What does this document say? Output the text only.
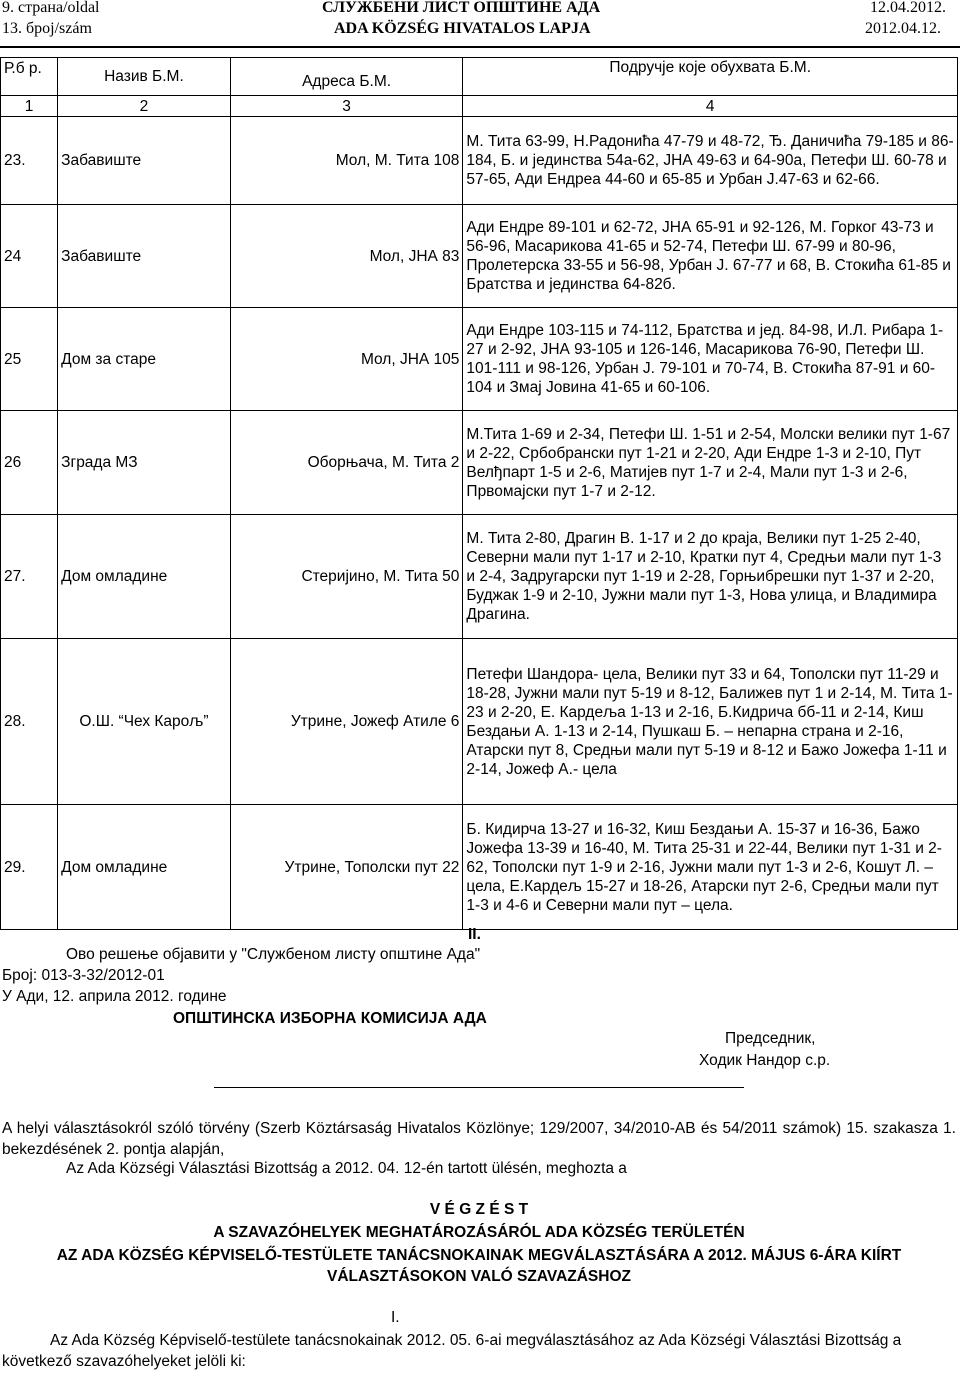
9. страна/oldal
13. број/szám
СЛУЖБЕНИ ЛИСТ ОПШТИНЕ АДА
ADA KÖZSÉG HIVATALOS LAPJA
12.04.2012.
2012.04.12.
Р.б р.	Назив Б.М.	Адреса Б.М.	Подручје које обухвата Б.М.
1	2	3	4
23.	Забавиште	Мол, М. Тита 108	М. Тита 63-99, Н.Радонића 47-79 и 48-72, Ђ. Даничића 79-185 и 86-184, Б. и јединства 54а-62, ЈНА 49-63 и 64-90а, Петефи Ш. 60-78 и 57-65, Ади Ендреа 44-60 и 65-85 и Урбан Ј.47-63 и 62-66.
24	Забавиште	Мол, ЈНА 83	Ади Ендре 89-101 и 62-72, ЈНА 65-91 и 92-126, М. Горког 43-73 и 56-96, Масарикова 41-65 и 52-74, Петефи Ш. 67-99 и 80-96, Пролетерска 33-55 и 56-98, Урбан Ј. 67-77 и 68, В. Стокића 61-85 и Братства и јединства 64-82б.
25	Дом за старе	Мол, ЈНА 105	Ади Ендре 103-115 и 74-112, Братства и јед. 84-98, И.Л. Рибара 1-27 и 2-92, ЈНА 93-105 и 126-146, Масарикова 76-90, Петефи Ш. 101-111 и 98-126, Урбан Ј. 79-101 и 70-74, В. Стокића 87-91 и 60-104 и Змај Јовина 41-65 и 60-106.
26	Зграда МЗ	Оборњача, М. Тита 2	М.Тита 1-69 и 2-34, Петефи Ш. 1-51 и 2-54, Молски велики пут 1-67 и 2-22, Србобрански пут 1-21 и 2-20, Ади Ендре 1-3 и 2-10, Пут Велђпарт 1-5 и 2-6, Матијев пут 1-7 и 2-4, Мали пут 1-3 и 2-6, Првомајски пут 1-7 и 2-12.
27.	Дом омладине	Стеријино, М. Тита 50	М. Тита 2-80, Драгин В. 1-17 и 2 до краја, Велики пут 1-25 2-40, Северни мали пут 1-17 и 2-10, Кратки пут 4, Средњи мали пут 1-3 и 2-4, Задругарски пут 1-19 и 2-28, Горњибрешки пут 1-37 и 2-20, Буджак 1-9 и 2-10, Јужни мали пут 1-3, Нова улица, и Владимира Драгина.
28.	О.Ш. “Чех Карољ”	Утрине, Јожеф Атиле 6	Петефи Шандора- цела, Велики пут 33 и 64, Тополски пут 11-29 и 18-28, Јужни мали пут 5-19 и 8-12, Балижев пут 1 и 2-14, М. Тита 1-23 и 2-20, Е. Кардеља 1-13 и 2-16, Б.Кидрича бб-11 и 2-14, Киш Бездањи А. 1-13 и 2-14, Пушкаш Б. – непарна страна и 2-16, Атарски пут 8, Средњи мали пут 5-19 и 8-12 и Бажо Јожефа 1-11 и 2-14, Јожеф А.- цела
29.	Дом омладине	Утрине, Тополски пут 22	Б. Кидирча 13-27 и 16-32, Киш Бездањи А. 15-37 и 16-36, Бажо Јожефа 13-39 и 16-40, М. Тита 25-31 и 22-44, Велики пут 1-31 и 2-62, Тополски пут 1-9 и 2-16, Јужни мали пут 1-3 и 2-6, Кошут Л. – цела, Е.Кардељ 15-27 и 18-26, Атарски пут 2-6, Средњи мали пут 1-3 и 4-6 и Северни мали пут – цела.
II.
Ово решење објавити у "Службеном листу општине Ада"
Број: 013-3-32/2012-01
У Ади, 12. априла 2012. године
ОПШТИНСКА ИЗБОРНА КОМИСИЈА АДА
Председник,
Ходик Нандор с.р.
A helyi választásokról szóló törvény (Szerb Köztársaság Hivatalos Közlönye; 129/2007, 34/2010-AB és 54/2011 számok) 15. szakasza 1. bekezdésének 2. pontja alapján,
Az Ada Községi Választási Bizottság a 2012. 04. 12-én tartott ülésén, meghozta a
V É G Z É S T
A SZAVAZÓHELYEK MEGHATÁROZÁSÁRÓL ADA KÖZSÉG TERÜLETÉN
AZ ADA KÖZSÉG KÉPVISELŐ-TESTÜLETE TANÁCSNOKAINAK MEGVÁLASZTÁSÁRA A 2012. MÁJUS 6-ÁRA KIÍRT VÁLASZTÁSOKON VALÓ SZAVAZÁSHOZ
I.
Az Ada Község Képviselő-testülete tanácsnokainak 2012. 05. 6-ai megválasztásához az Ada Községi Választási Bizottság a következő szavazóhelyeket jelöli ki:
